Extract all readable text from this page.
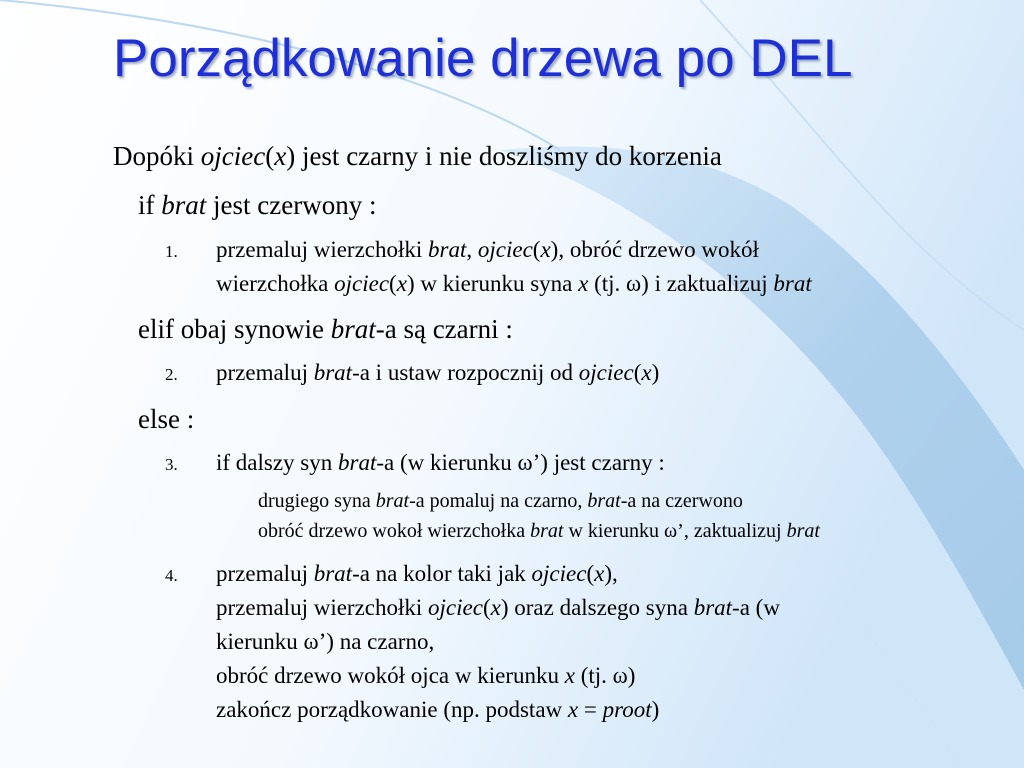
Porządkowanie drzewa po DEL
Dopóki ojciec(x) jest czarny i nie doszliśmy do korzenia
if brat jest czerwony :
1. przemaluj wierzchołki brat, ojciec(x), obróć drzewo wokół
wierzchołka ojciec(x) w kierunku syna x (tj. ω) i zaktualizuj brat
elif obaj synowie brat-a są czarni :
2. przemaluj brat-a i ustaw rozpocznij od ojciec(x)
else :
3. if dalszy syn brat-a (w kierunku ω’) jest czarny :
drugiego syna brat-a pomaluj na czarno, brat-a na czerwono
obróć drzewo wokoł wierzchołka brat w kierunku ω’, zaktualizuj brat
4. przemaluj brat-a na kolor taki jak ojciec(x),
przemaluj wierzchołki ojciec(x) oraz dalszego syna brat-a (w
kierunku ω’) na czarno,
obróć drzewo wokół ojca w kierunku x (tj. ω)
zakończ porządkowanie (np. podstaw x = proot)
